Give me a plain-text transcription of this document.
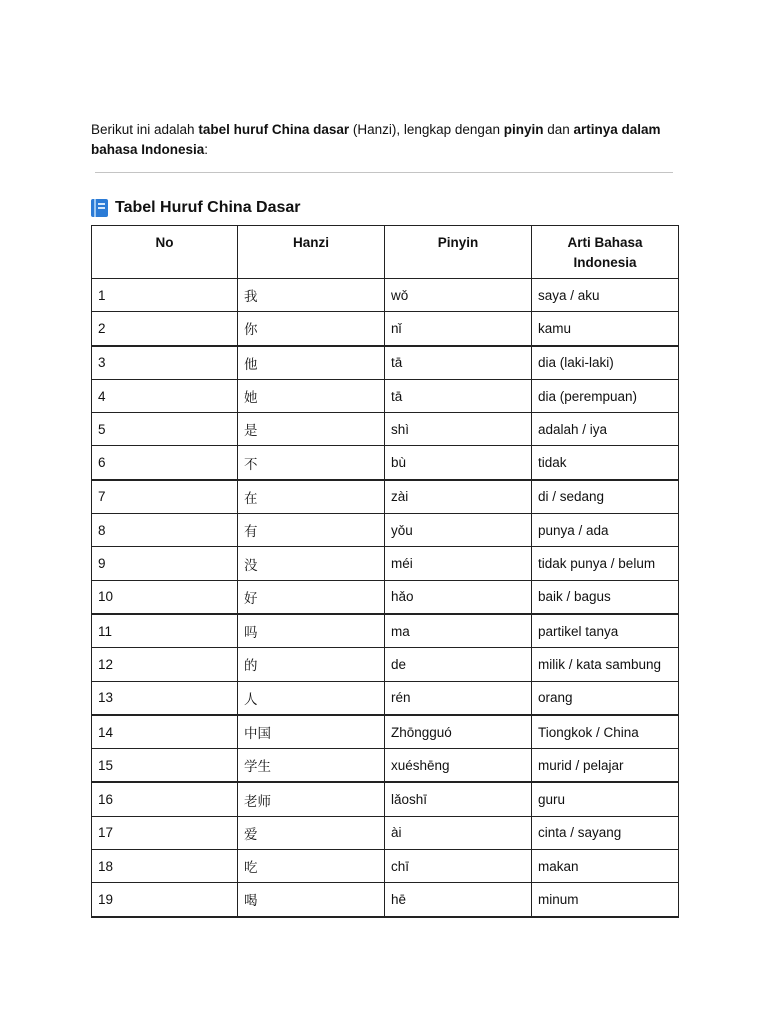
Berikut ini adalah tabel huruf China dasar (Hanzi), lengkap dengan pinyin dan artinya dalam bahasa Indonesia:

Tabel Huruf China Dasar
No	Hanzi	Pinyin	Arti Bahasa Indonesia
1	我	wǒ	saya / aku
2	你	nǐ	kamu
3	他	tā	dia (laki-laki)
4	她	tā	dia (perempuan)
5	是	shì	adalah / iya
6	不	bù	tidak
7	在	zài	di / sedang
8	有	yǒu	punya / ada
9	没	méi	tidak punya / belum
10	好	hǎo	baik / bagus
11	吗	ma	partikel tanya
12	的	de	milik / kata sambung
13	人	rén	orang
14	中国	Zhōngguó	Tiongkok / China
15	学生	xuéshēng	murid / pelajar
16	老师	lǎoshī	guru
17	爱	ài	cinta / sayang
18	吃	chī	makan
19	喝	hē	minum
